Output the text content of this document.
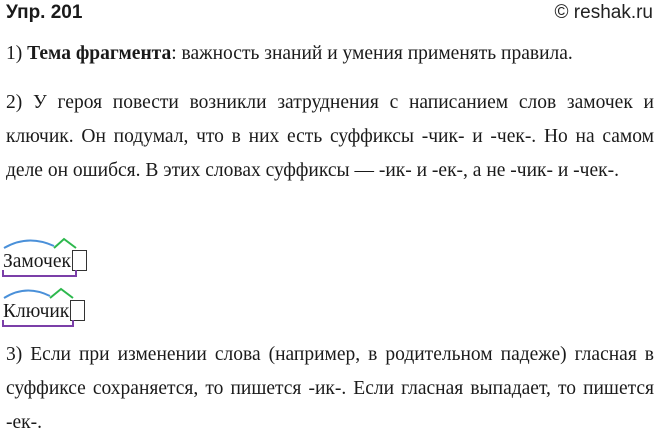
Упр. 201	© reshak.ru

1) Тема фрагмента: важность знаний и умения применять правила.

2) У героя повести возникли затруднения с написанием слов замочек и ключик. Он подумал, что в них есть суффиксы -чик- и -чек-. Но на самом деле он ошибся. В этих словах суффиксы — -ик- и -ек-, а не -чик- и -чек-.

Замочек
Ключик

3) Если при изменении слова (например, в родительном падеже) гласная в суффиксе сохраняется, то пишется -ик-. Если гласная выпадает, то пишется -ек-.
